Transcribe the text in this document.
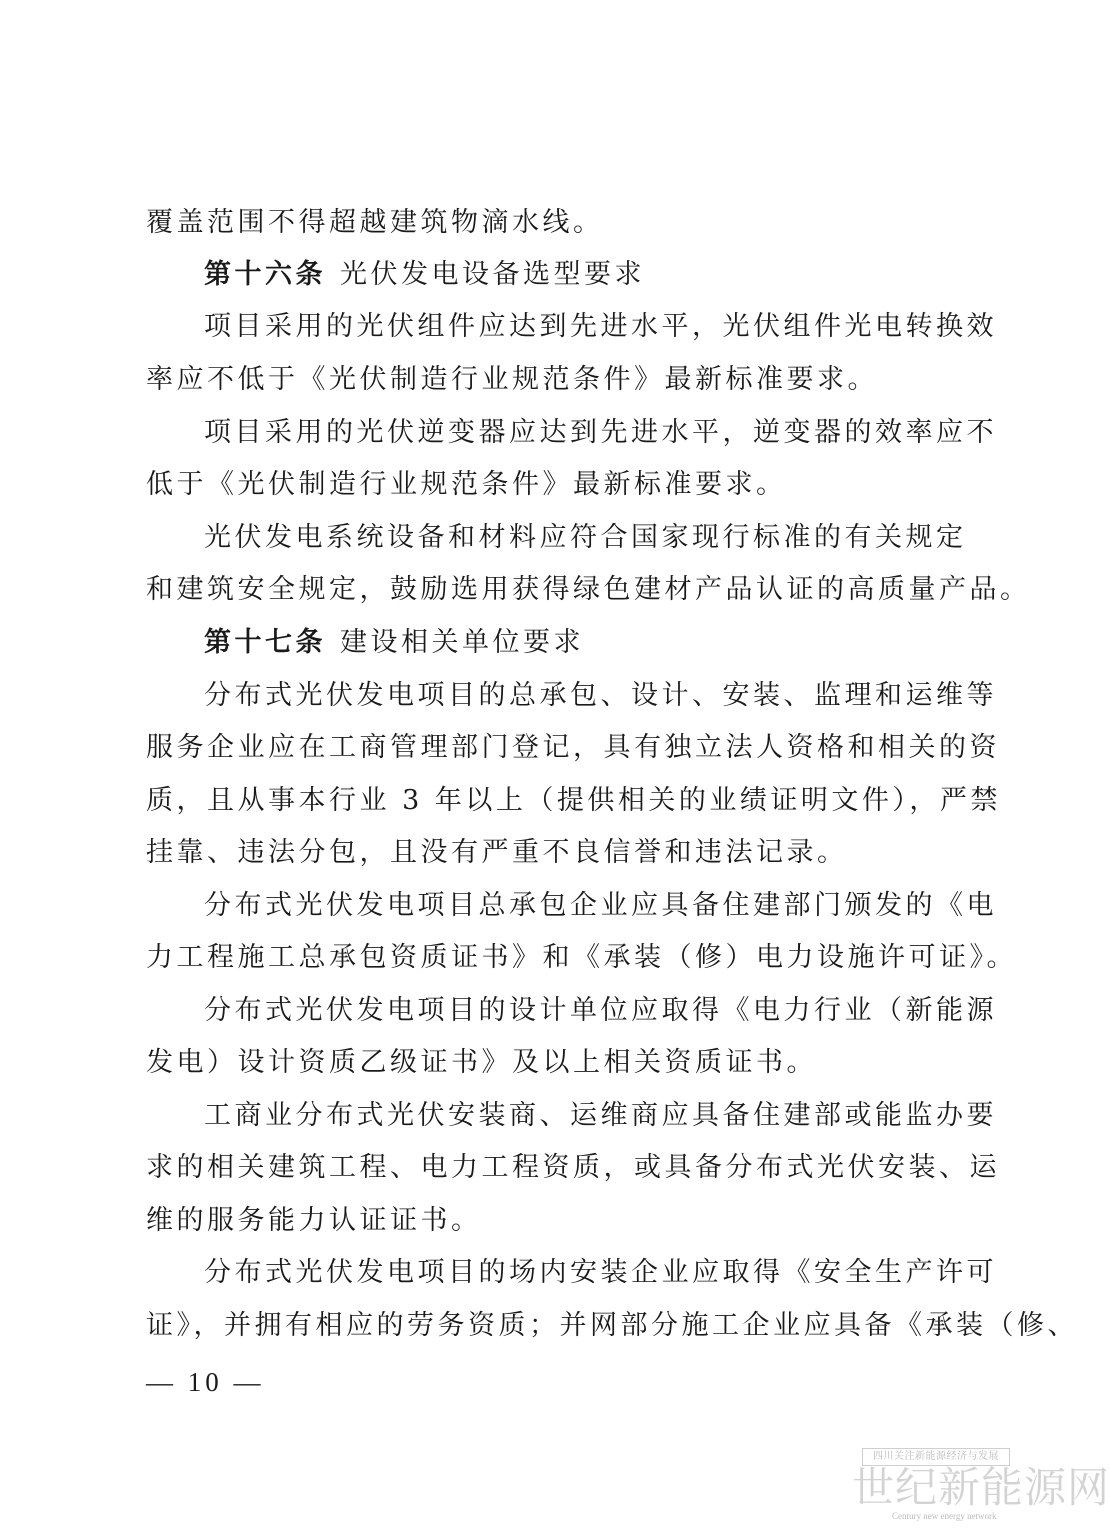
覆盖范围不得超越建筑物滴水线。
第十六条 光伏发电设备选型要求
项目采用的光伏组件应达到先进水平，光伏组件光电转换效
率应不低于《光伏制造行业规范条件》最新标准要求。
项目采用的光伏逆变器应达到先进水平，逆变器的效率应不
低于《光伏制造行业规范条件》最新标准要求。
光伏发电系统设备和材料应符合国家现行标准的有关规定
和建筑安全规定，鼓励选用获得绿色建材产品认证的高质量产品。
第十七条 建设相关单位要求
分布式光伏发电项目的总承包、设计、安装、监理和运维等
服务企业应在工商管理部门登记，具有独立法人资格和相关的资
质，且从事本行业 3 年以上（提供相关的业绩证明文件），严禁
挂靠、违法分包，且没有严重不良信誉和违法记录。
分布式光伏发电项目总承包企业应具备住建部门颁发的《电
力工程施工总承包资质证书》和《承装（修）电力设施许可证》。
分布式光伏发电项目的设计单位应取得《电力行业（新能源
发电）设计资质乙级证书》及以上相关资质证书。
工商业分布式光伏安装商、运维商应具备住建部或能监办要
求的相关建筑工程、电力工程资质，或具备分布式光伏安装、运
维的服务能力认证证书。
分布式光伏发电项目的场内安装企业应取得《安全生产许可
证》，并拥有相应的劳务资质；并网部分施工企业应具备《承装（修、
— 10 —
四川关注新能源经济与发展
世纪新能源网
Century new energy network
